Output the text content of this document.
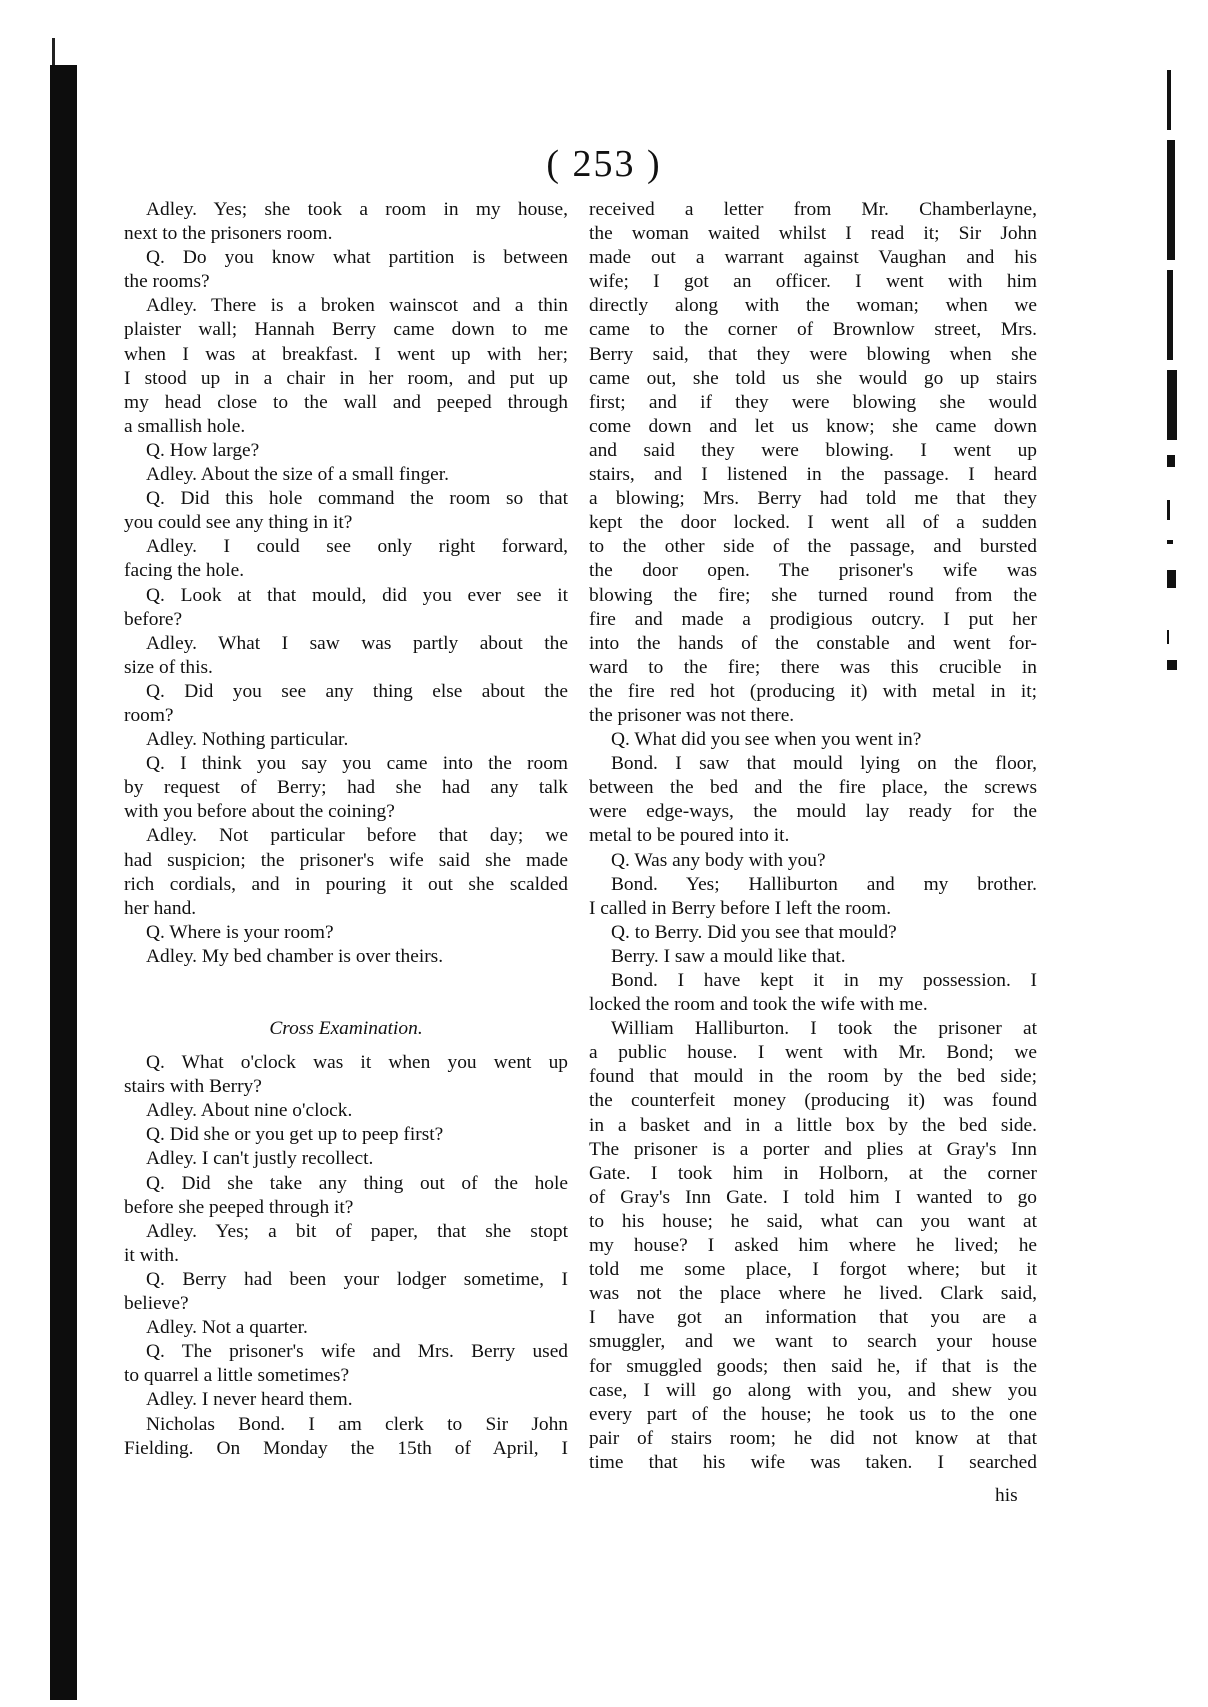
( 253 )
Adley. Yes; she took a room in my house,
next to the prisoners room.
Q. Do you know what partition is between
the rooms?
Adley. There is a broken wainscot and a thin
plaister wall; Hannah Berry came down to me
when I was at breakfast. I went up with her;
I stood up in a chair in her room, and put up
my head close to the wall and peeped through
a smallish hole.
Q. How large?
Adley. About the size of a small finger.
Q. Did this hole command the room so that
you could see any thing in it?
Adley. I could see only right forward,
facing the hole.
Q. Look at that mould, did you ever see it
before?
Adley. What I saw was partly about the
size of this.
Q. Did you see any thing else about the
room?
Adley. Nothing particular.
Q. I think you say you came into the room
by request of Berry; had she had any talk
with you before about the coining?
Adley. Not particular before that day; we
had suspicion; the prisoner's wife said she made
rich cordials, and in pouring it out she scalded
her hand.
Q. Where is your room?
Adley. My bed chamber is over theirs.
Cross Examination.
Q. What o'clock was it when you went up
stairs with Berry?
Adley. About nine o'clock.
Q. Did she or you get up to peep first?
Adley. I can't justly recollect.
Q. Did she take any thing out of the hole
before she peeped through it?
Adley. Yes; a bit of paper, that she stopt
it with.
Q. Berry had been your lodger sometime, I
believe?
Adley. Not a quarter.
Q. The prisoner's wife and Mrs. Berry used
to quarrel a little sometimes?
Adley. I never heard them.
Nicholas Bond. I am clerk to Sir John
Fielding. On Monday the 15th of April, I
received a letter from Mr. Chamberlayne,
the woman waited whilst I read it; Sir John
made out a warrant against Vaughan and his
wife; I got an officer. I went with him
directly along with the woman; when we
came to the corner of Brownlow street, Mrs.
Berry said, that they were blowing when she
came out, she told us she would go up stairs
first; and if they were blowing she would
come down and let us know; she came down
and said they were blowing. I went up
stairs, and I listened in the passage. I heard
a blowing; Mrs. Berry had told me that they
kept the door locked. I went all of a sudden
to the other side of the passage, and bursted
the door open. The prisoner's wife was
blowing the fire; she turned round from the
fire and made a prodigious outcry. I put her
into the hands of the constable and went for-
ward to the fire; there was this crucible in
the fire red hot (producing it) with metal in it;
the prisoner was not there.
Q. What did you see when you went in?
Bond. I saw that mould lying on the floor,
between the bed and the fire place, the screws
were edge-ways, the mould lay ready for the
metal to be poured into it.
Q. Was any body with you?
Bond. Yes; Halliburton and my brother.
I called in Berry before I left the room.
Q. to Berry. Did you see that mould?
Berry. I saw a mould like that.
Bond. I have kept it in my possession. I
locked the room and took the wife with me.
William Halliburton. I took the prisoner at
a public house. I went with Mr. Bond; we
found that mould in the room by the bed side;
the counterfeit money (producing it) was found
in a basket and in a little box by the bed side.
The prisoner is a porter and plies at Gray's Inn
Gate. I took him in Holborn, at the corner
of Gray's Inn Gate. I told him I wanted to go
to his house; he said, what can you want at
my house? I asked him where he lived; he
told me some place, I forgot where; but it
was not the place where he lived. Clark said,
I have got an information that you are a
smuggler, and we want to search your house
for smuggled goods; then said he, if that is the
case, I will go along with you, and shew you
every part of the house; he took us to the one
pair of stairs room; he did not know at that
time that his wife was taken. I searched
his
